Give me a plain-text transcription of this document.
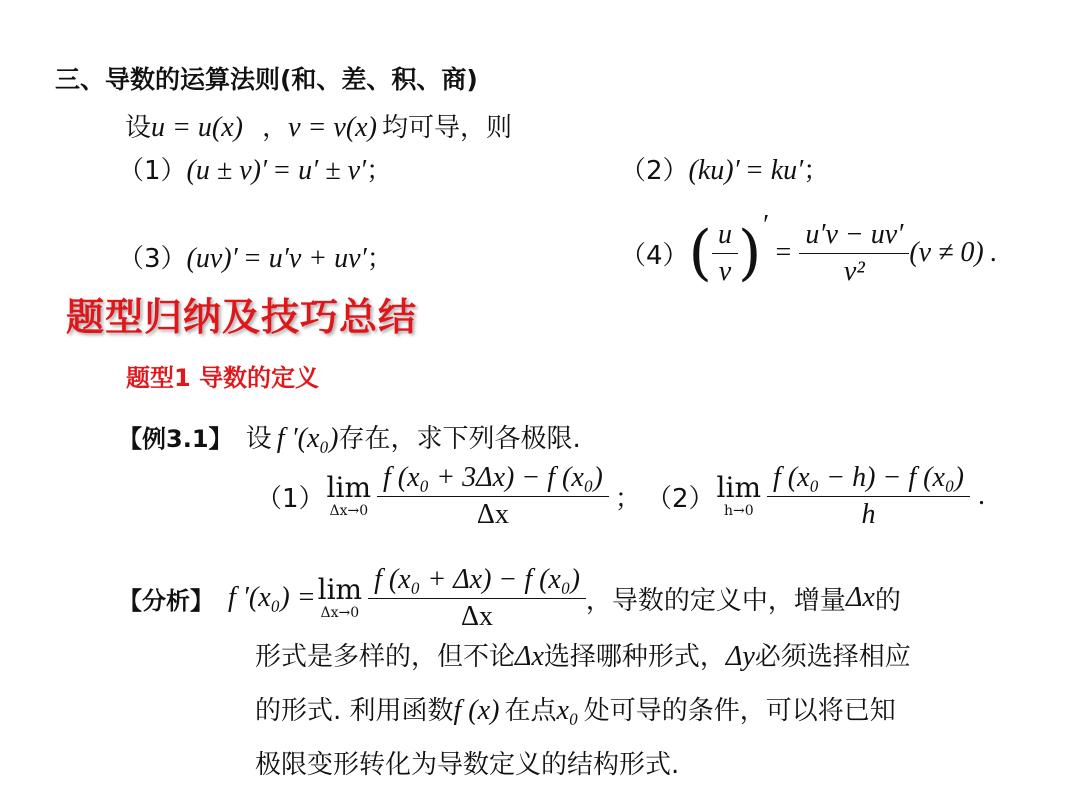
三、导数的运算法则(和、差、积、商)
设u = u(x) ，v = v(x) 均可导，则
（1）(u ± v)′ = u′ ± v′；	（2）(ku)′ = ku′；
（3）(uv)′ = u′v + uv′；	（4） ( $\frac{u}{v}$ ) ′
= $\frac{u'v - uv'}{\text{v²}} (v \ne 0)$ .
题型归纳及技巧总结
题型1 导数的定义
【例3.1】 设 f ′(x₀)存在，求下列各极限.
（1） lim
$\Delta x\to 0 \frac{\text{f (x₀ + 3Δx) − f (x₀)}}{\Delta x}$ ； （2） lim
$h\to 0 \frac{\text{f (x₀ − h) − f (x₀)}}{h}$ .
【分析】 f ′(x₀) = lim
$\Delta x\to 0 \frac{\text{f (x₀ + Δx) − f (x₀)}}{\Delta x}$ ，导数的定义中，增量 Δx 的
形式是多样的，但不论Δx选择哪种形式，Δy必须选择相应
的形式. 利用函数f (x) 在点x₀ 处可导的条件，可以将已知
极限变形转化为导数定义的结构形式.
